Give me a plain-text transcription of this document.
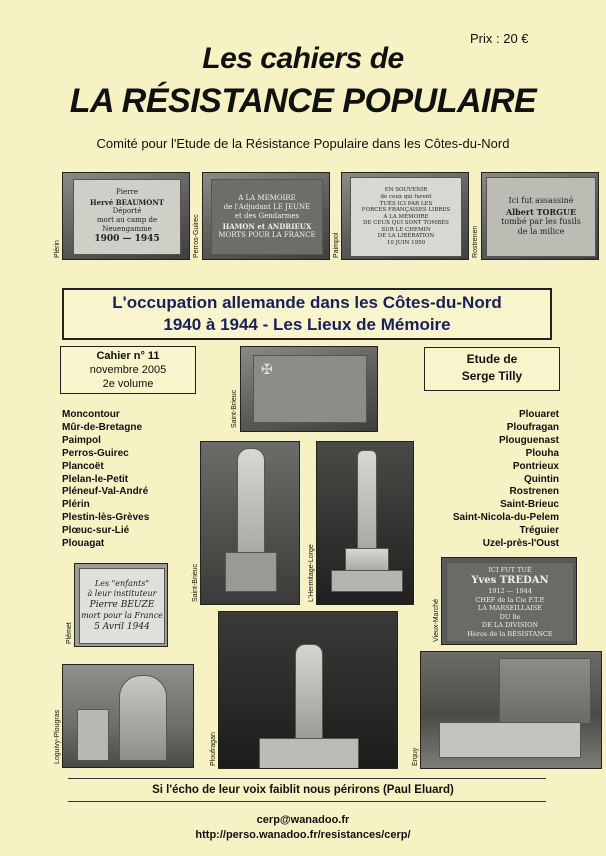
Prix : 20 €
Les cahiers de
LA RÉSISTANCE POPULAIRE
Comité pour l'Etude de la Résistance Populaire dans les Côtes-du-Nord
Pierre
Hervé BEAUMONT
Déporté
mort au camp de
Neuengamme
1900 — 1945
Plérin
A LA MEMOIRE
de l'Adjudant LE JEUNE
et des Gendarmes
HAMON et ANDRIEUX
MORTS POUR LA FRANCE
Perros-Guirec
EN SOUVENIR
de ceux qui furent
TUÉS ICI PAR LES
FORCES FRANÇAISES LIBRES
A LA MÉMOIRE
DE CEUX QUI SONT TOMBÉS
SUR LE CHEMIN
DE LA LIBÉRATION
10 JUIN 1950
Paimpol
Ici fut assassiné
Albert TORGUE
tombé par les fusils
de la milice
Rostrenen
L'occupation allemande dans les Côtes-du-Nord
1940 à 1944 - Les Lieux de Mémoire
Cahier n° 11
novembre 2005
2e volume
Etude de
Serge Tilly
✠
Saint-Brieuc
Moncontour
Mûr-de-Bretagne
Paimpol
Perros-Guirec
Plancoët
Plelan-le-Petit
Pléneuf-Val-André
Plérin
Plestin-lès-Grèves
Plœuc-sur-Lié
Plouagat
Plouaret
Ploufragan
Plouguenast
Plouha
Pontrieux
Quintin
Rostrenen
Saint-Brieuc
Saint-Nicola-du-Pelem
Tréguier
Uzel-près-l'Oust
Saint-Brieuc	L'Hermitage-Lorge
Les "enfants"
à leur instituteur
Pierre BEUZE
mort pour la France
5 Avril 1944
Plémet
ICI FUT TUÉ
Yves TREDAN
1912 — 1944
CHEF de la Cie F.T.P.
LA MARSEILLAISE
DU 8e
DE LA DIVISION
Héros de la RÉSISTANCE
Vieux-Marché
Loguivy-Plougras	Ploufragan	Erquy
Si l'écho de leur voix faiblit nous périrons (Paul Eluard)
cerp@wanadoo.fr
http://perso.wanadoo.fr/resistances/cerp/
